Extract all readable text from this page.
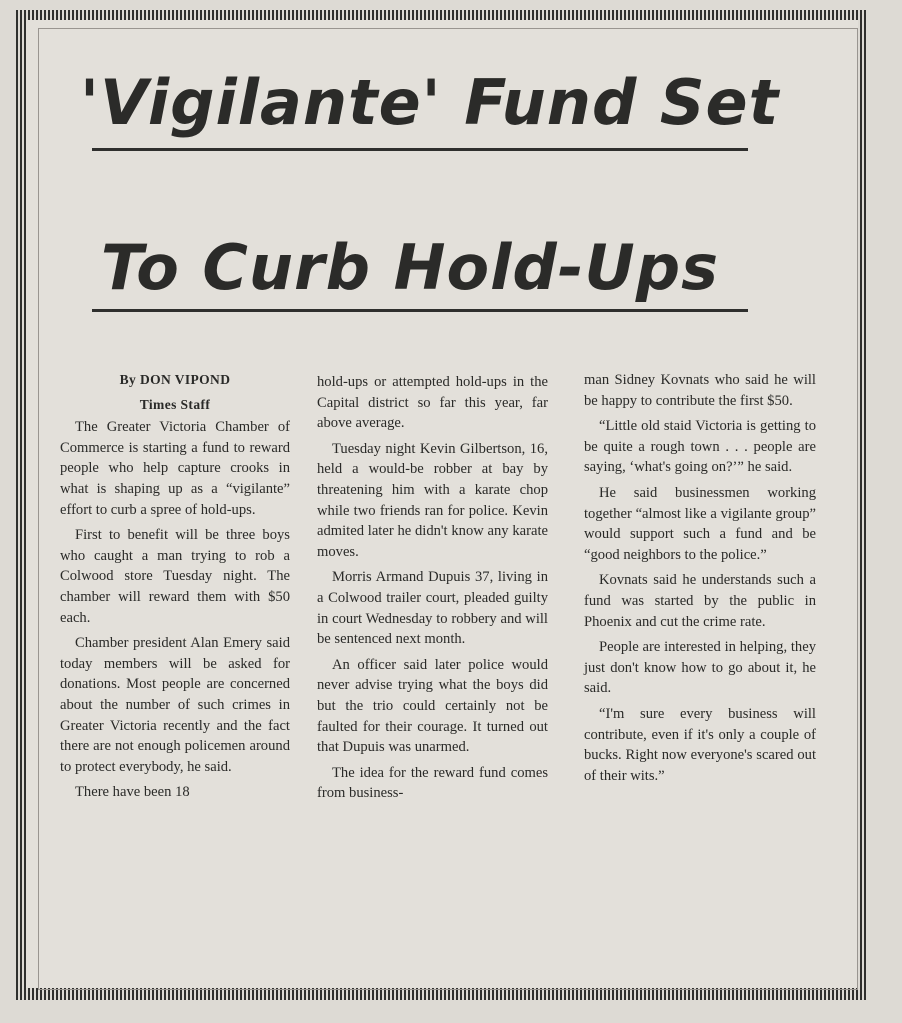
'Vigilante' Fund Set
To Curb Hold-Ups
By DON VIPOND
Times Staff

The Greater Victoria Chamber of Commerce is starting a fund to reward people who help capture crooks in what is shaping up as a “vigilante” effort to curb a spree of hold-ups.

First to benefit will be three boys who caught a man trying to rob a Colwood store Tuesday night. The chamber will reward them with $50 each.

Chamber president Alan Emery said today members will be asked for donations. Most people are concerned about the number of such crimes in Greater Victoria recently and the fact there are not enough policemen around to protect everybody, he said.

There have been 18

hold-ups or attempted hold-ups in the Capital district so far this year, far above average.

Tuesday night Kevin Gilbertson, 16, held a would-be robber at bay by threatening him with a karate chop while two friends ran for police. Kevin admited later he didn't know any karate moves.

Morris Armand Dupuis 37, living in a Colwood trailer court, pleaded guilty in court Wednesday to robbery and will be sentenced next month.

An officer said later police would never advise trying what the boys did but the trio could certainly not be faulted for their courage. It turned out that Dupuis was unarmed.

The idea for the reward fund comes from business-

man Sidney Kovnats who said he will be happy to contribute the first $50.

“Little old staid Victoria is getting to be quite a rough town . . . people are saying, ‘what's going on?’” he said.

He said businessmen working together “almost like a vigilante group” would support such a fund and be “good neighbors to the police.”

Kovnats said he understands such a fund was started by the public in Phoenix and cut the crime rate.

People are interested in helping, they just don't know how to go about it, he said.

“I'm sure every business will contribute, even if it's only a couple of bucks. Right now everyone's scared out of their wits.”
